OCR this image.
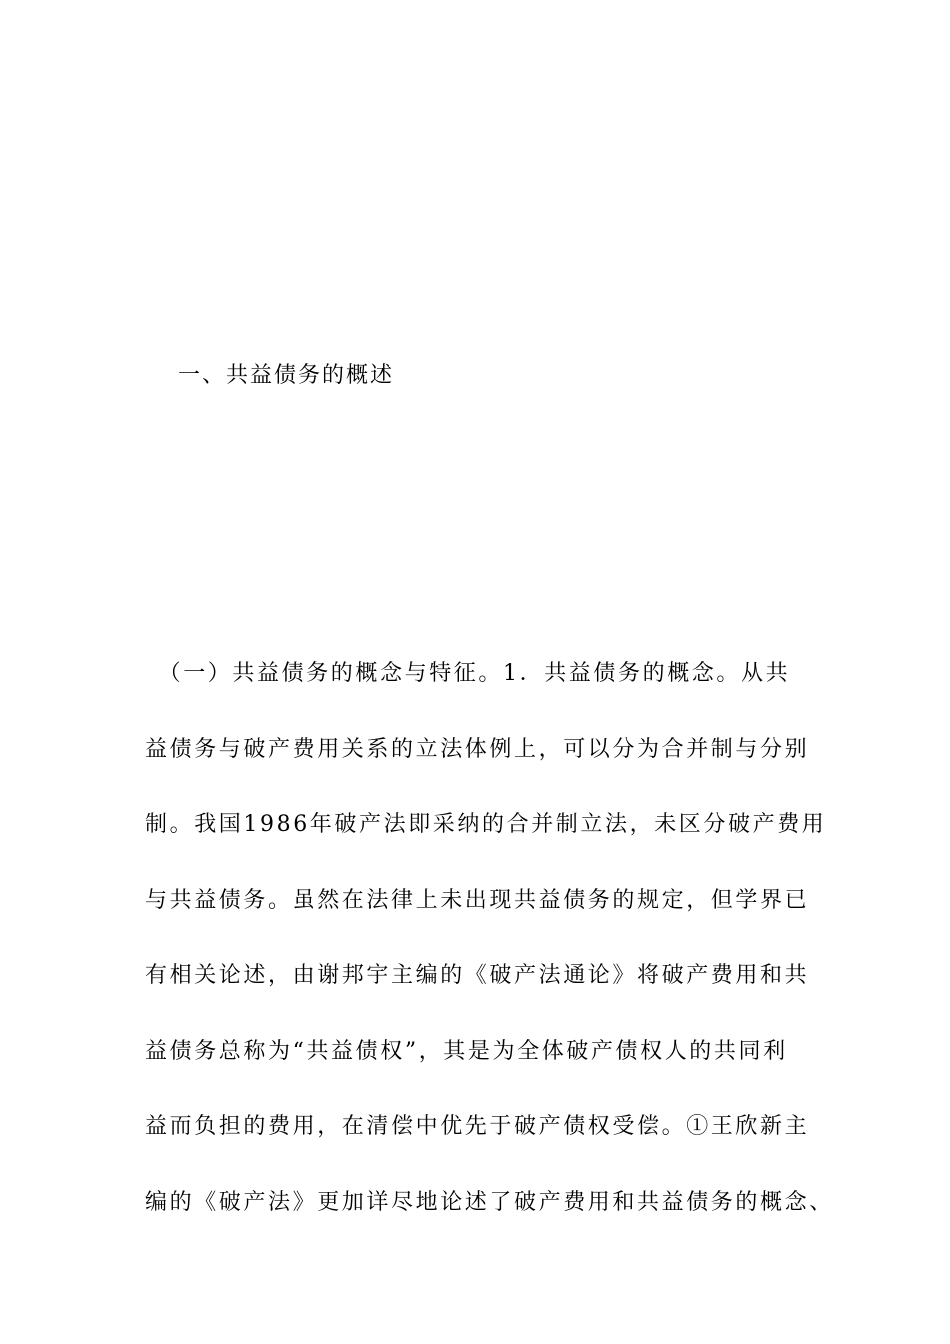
一、共益债务的概述
　（一）共益债务的概念与特征。1．共益债务的概念。从共
益债务与破产费用关系的立法体例上，可以分为合并制与分别
制。我国1986年破产法即采纳的合并制立法，未区分破产费用
与共益债务。虽然在法律上未出现共益债务的规定，但学界已
有相关论述，由谢邦宇主编的《破产法通论》将破产费用和共
益债务总称为“共益债权”，其是为全体破产债权人的共同利
益而负担的费用，在清偿中优先于破产债权受偿。①王欣新主
编的《破产法》更加详尽地论述了破产费用和共益债务的概念、
